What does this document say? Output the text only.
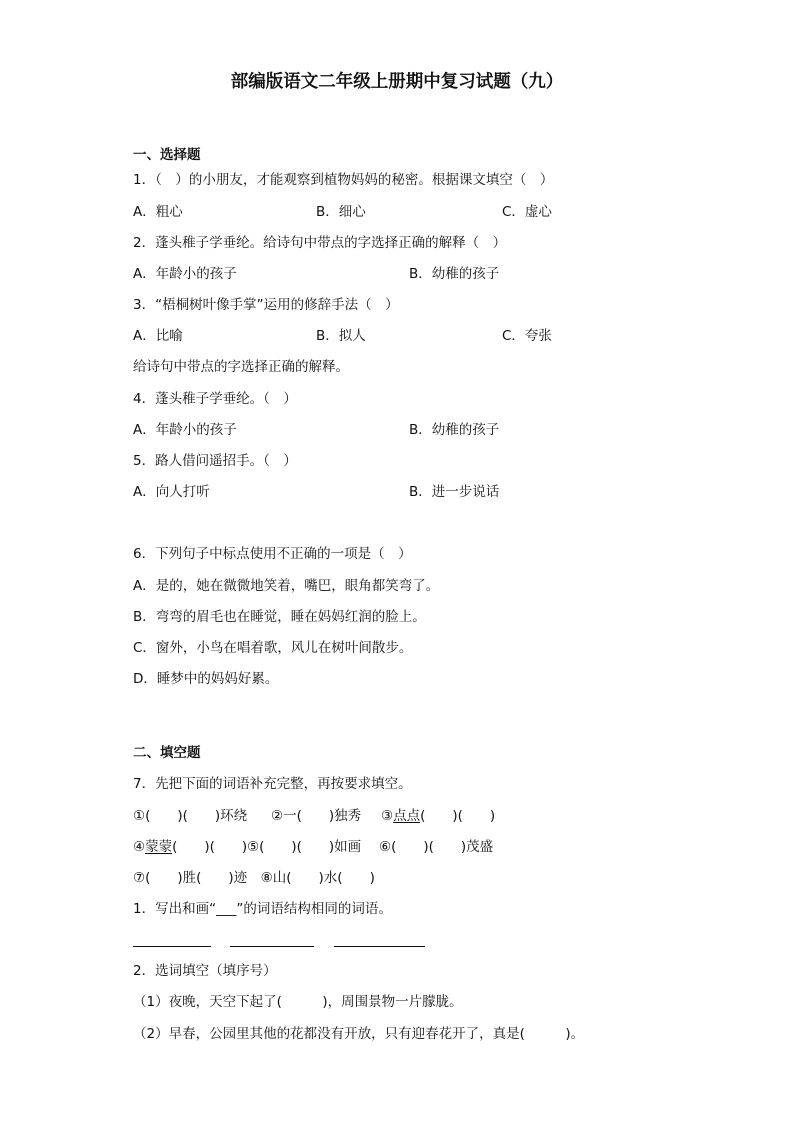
部编版语文二年级上册期中复习试题（九）
一、选择题
1．（　）的小朋友，才能观察到植物妈妈的秘密。根据课文填空（　）
A．粗心	B．细心	C．虚心
2．蓬头稚子学垂纶。给诗句中带点的字选择正确的解释（　）
A．年龄小的孩子	B．幼稚的孩子
3．“梧桐树叶像手掌”运用的修辞手法（　）
A．比喻	B．拟人	C．夸张
给诗句中带点的字选择正确的解释。
4．蓬头稚子学垂纶。（　）
A．年龄小的孩子	B．幼稚的孩子
5．路人借问遥招手。（　）
A．向人打听	B．进一步说话
6．下列句子中标点使用不正确的一项是（　）
A．是的，她在微微地笑着，嘴巴，眼角都笑弯了。
B．弯弯的眉毛也在睡觉，睡在妈妈红润的脸上。
C．窗外，小鸟在唱着歌，风儿在树叶间散步。
D．睡梦中的妈妈好累。
二、填空题
7．先把下面的词语补充完整，再按要求填空。
①(　　)(　　)环绕 ②一(　　)独秀 ③点点(　　)(　　)
④蒙蒙(　　)(　　) ⑤(　　)(　　)如画 ⑥(　　)(　　)茂盛
⑦(　　)胜(　　)迹　⑧山(　　)水(　　)
1．写出和画“___”的词语结构相同的词语。
2．选词填空（填序号）
（1）夜晚，天空下起了(　　　)，周围景物一片朦胧。
（2）早春，公园里其他的花都没有开放，只有迎春花开了，真是(　　　)。
